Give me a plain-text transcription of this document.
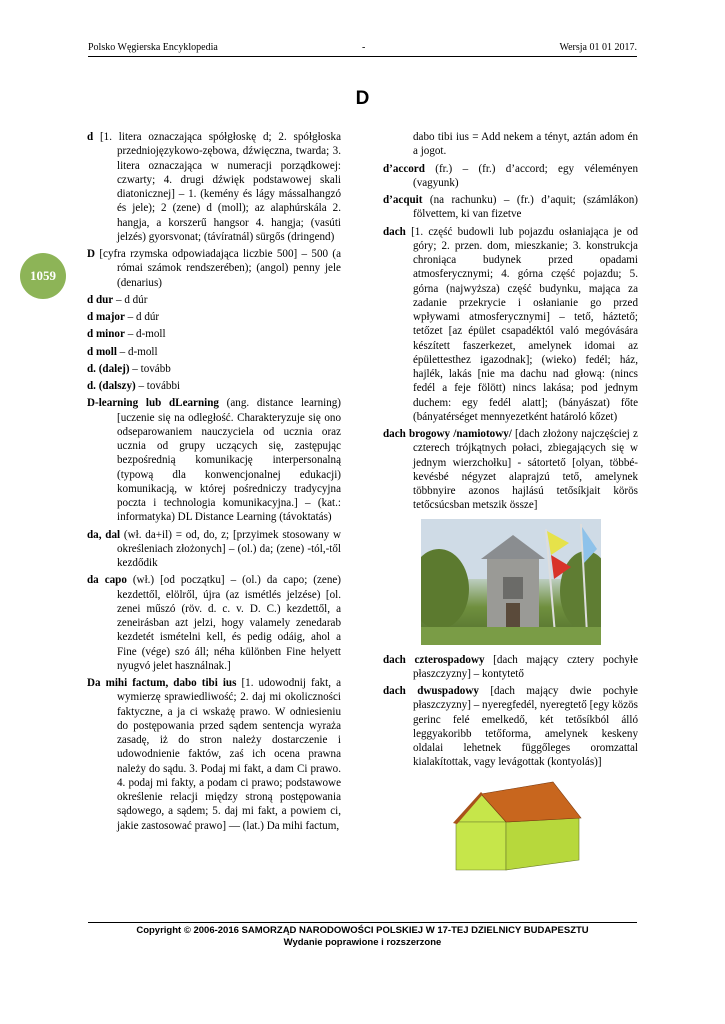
Polsko Węgierska Encyklopedia	-	Wersja 01 01 2017.
D
1059
d [1. litera oznaczająca spółgłoskę d; 2. spółgłoska przedniojęzykowo-zębowa, dźwięczna, twarda; 3. litera oznaczająca w numeracji porządkowej: czwarty; 4. drugi dźwięk podstawowej skali diatonicznej] – 1. (kemény és lágy mássalhangzó és jele); 2 (zene) d (moll); az alaphúrskála 2. hangja, a korszerű hangsor 4. hangja; (vasúti jelzés) gyorsvonat; (távíratnál) sürgős (dringend)
D [cyfra rzymska odpowiadająca liczbie 500] – 500 (a római számok rendszerében); (angol) penny jele (denarius)
d dur – d dúr
d major – d dúr
d minor – d-moll
d moll – d-moll
d. (dalej) – tovább
d. (dalszy) – további
D-learning lub dLearning (ang. distance learning) [uczenie się na odległość. Charakteryzuje się ono odseparowaniem nauczyciela od ucznia oraz ucznia od grupy uczących się, zastępując bezpośrednią komunikację interpersonalną (typową dla konwencjonalnej edukacji) komunikacją, w której pośredniczy tradycyjna poczta i technologia komunikacyjna.] – (kat.: informatyka) DL Distance Learning (távoktatás)
da, dal (wł. da+il) = od, do, z; [przyimek stosowany w określeniach złożonych] – (ol.) da; (zene) -tól,-től kezdődik
da capo (wł.) [od początku] – (ol.) da capo; (zene) kezdettől, elölről, újra (az ismétlés jelzése) [ol. zenei műszó (röv. d. c. v. D. C.) kezdettől, a zeneirásban azt jelzi, hogy valamely zenedarab kezdetét ismételni kell, és pedig odáig, ahol a Fine (vége) szó áll; néha különben Fine helyett nyugvó jelet használnak.]
Da mihi factum, dabo tibi ius [1. udowodnij fakt, a wymierzę sprawiedliwość; 2. daj mi okoliczności faktyczne, a ja ci wskażę prawo. W odniesieniu do postępowania przed sądem sentencja wyraża zasadę, iż do stron należy dostarczenie i udowodnienie faktów, zaś ich ocena prawna należy do sądu. 3. Podaj mi fakt, a dam Ci prawo. 4. podaj mi fakty, a podam ci prawo; podstawowe określenie relacji między stroną postępowania sądowego, a sądem; 5. daj mi fakt, a powiem ci, jakie zastosować prawo] — (lat.) Da mihi factum,
dabo tibi ius = Add nekem a tényt, aztán adom én a jogot.
d’accord (fr.) – (fr.) d’accord; egy véleményen (vagyunk)
d’acquit (na rachunku) – (fr.) d’aquit; (számlákon) fölvettem, ki van fizetve
dach [1. część budowli lub pojazdu osłaniająca je od góry; 2. przen. dom, mieszkanie; 3. konstrukcja chroniąca budynek przed opadami atmosferycznymi; 4. górna część pojazdu; 5. górna (najwyższa) część budynku, mająca za zadanie przekrycie i osłanianie go przed wpływami atmosferycznymi] – tető, háztető; tetőzet [az épület csapadéktól való megóvására készített faszerkezet, amelynek idomai az épülettesthez igazodnak]; (wieko) fedél; ház, hajlék, lakás [nie ma dachu nad głową: (nincs fedél a feje fölött) nincs lakása; pod jednym duchem: egy fedél alatt]; (bányászat) főte (bányatérséget mennyezetként határoló kőzet)
dach brogowy /namiotowy/ [dach złożony najczęściej z czterech trójkątnych połaci, zbiegających się w jednym wierzchołku] - sátortető [olyan, többé-kevésbé négyzet alaprajzú tető, amelynek többnyire azonos hajlású tetősíkjait körös tetőcsúcsban metszik össze]
dach czterospadowy [dach mający cztery pochyłe płaszczyzny] – kontytető
dach dwuspadowy [dach mający dwie pochyłe płaszczyzny] – nyeregfedél, nyeregtető [egy közös gerinc felé emelkedő, két tetősíkból álló leggyakoribb tetőforma, amelynek keskeny oldalai lehetnek függőleges oromzattal kialakítottak, vagy levágottak (kontyolás)]
Copyright © 2006-2016 SAMORZĄD NARODOWOŚCI POLSKIEJ W 17-TEJ DZIELNICY BUDAPESZTU
Wydanie poprawione i rozszerzone
